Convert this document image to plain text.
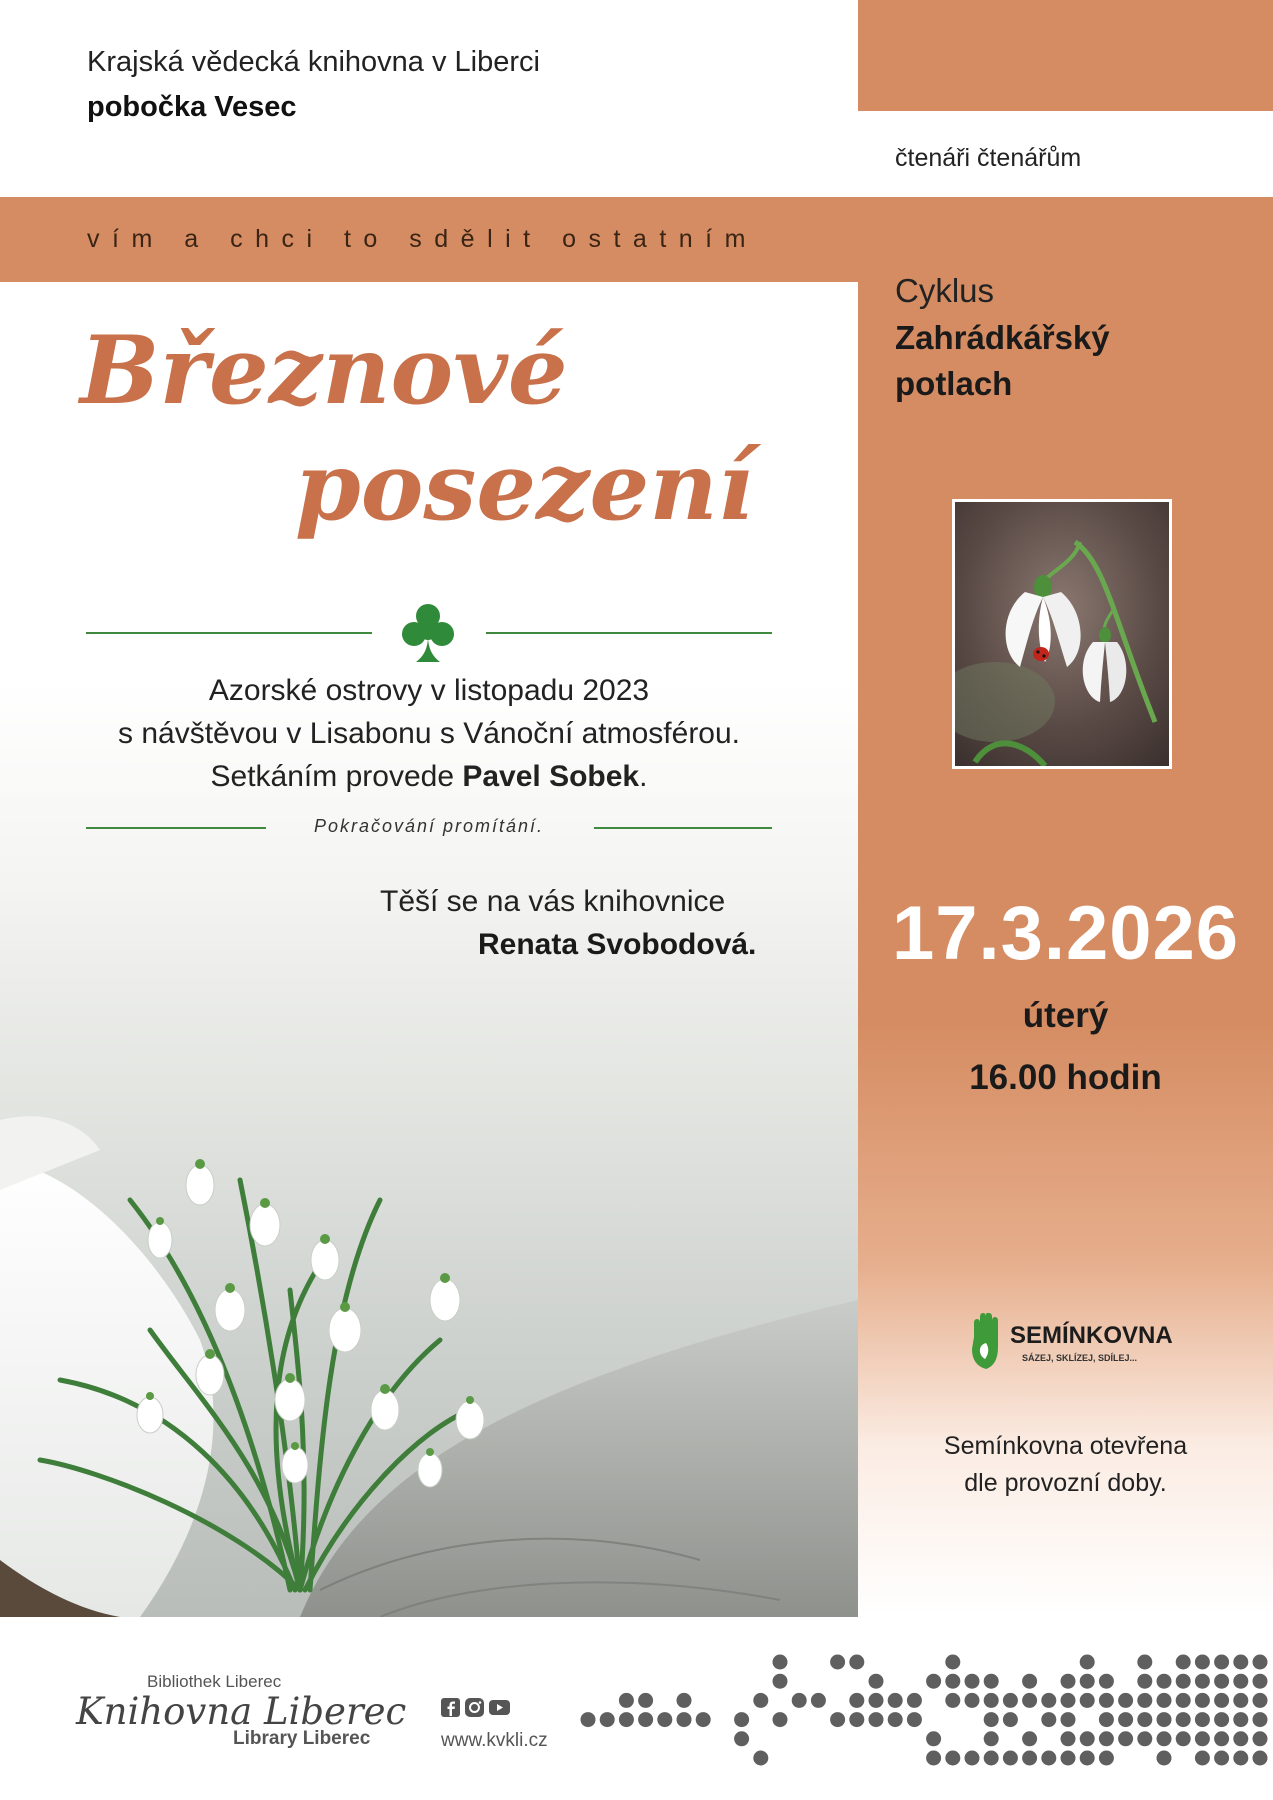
Krajská vědecká knihovna v Liberci
pobočka Vesec
čtenáři čtenářům
vím a chci to sdělit ostatním
Cyklus
Zahrádkářský
potlach
17.3.2026
úterý
16.00 hodin
SEMÍNKOVNA
SÁZEJ, SKLÍZEJ, SDÍLEJ...
Semínkovna otevřena
dle provozní doby.
Březnové
posezení
Azorské ostrovy v listopadu 2023
s návštěvou v Lisabonu s Vánoční atmosférou.
Setkáním provede Pavel Sobek.
Pokračování promítání.
Těší se na vás knihovnice
Renata Svobodová.
Bibliothek Liberec
Knihovna Liberec
Library Liberec	www.kvkli.cz
